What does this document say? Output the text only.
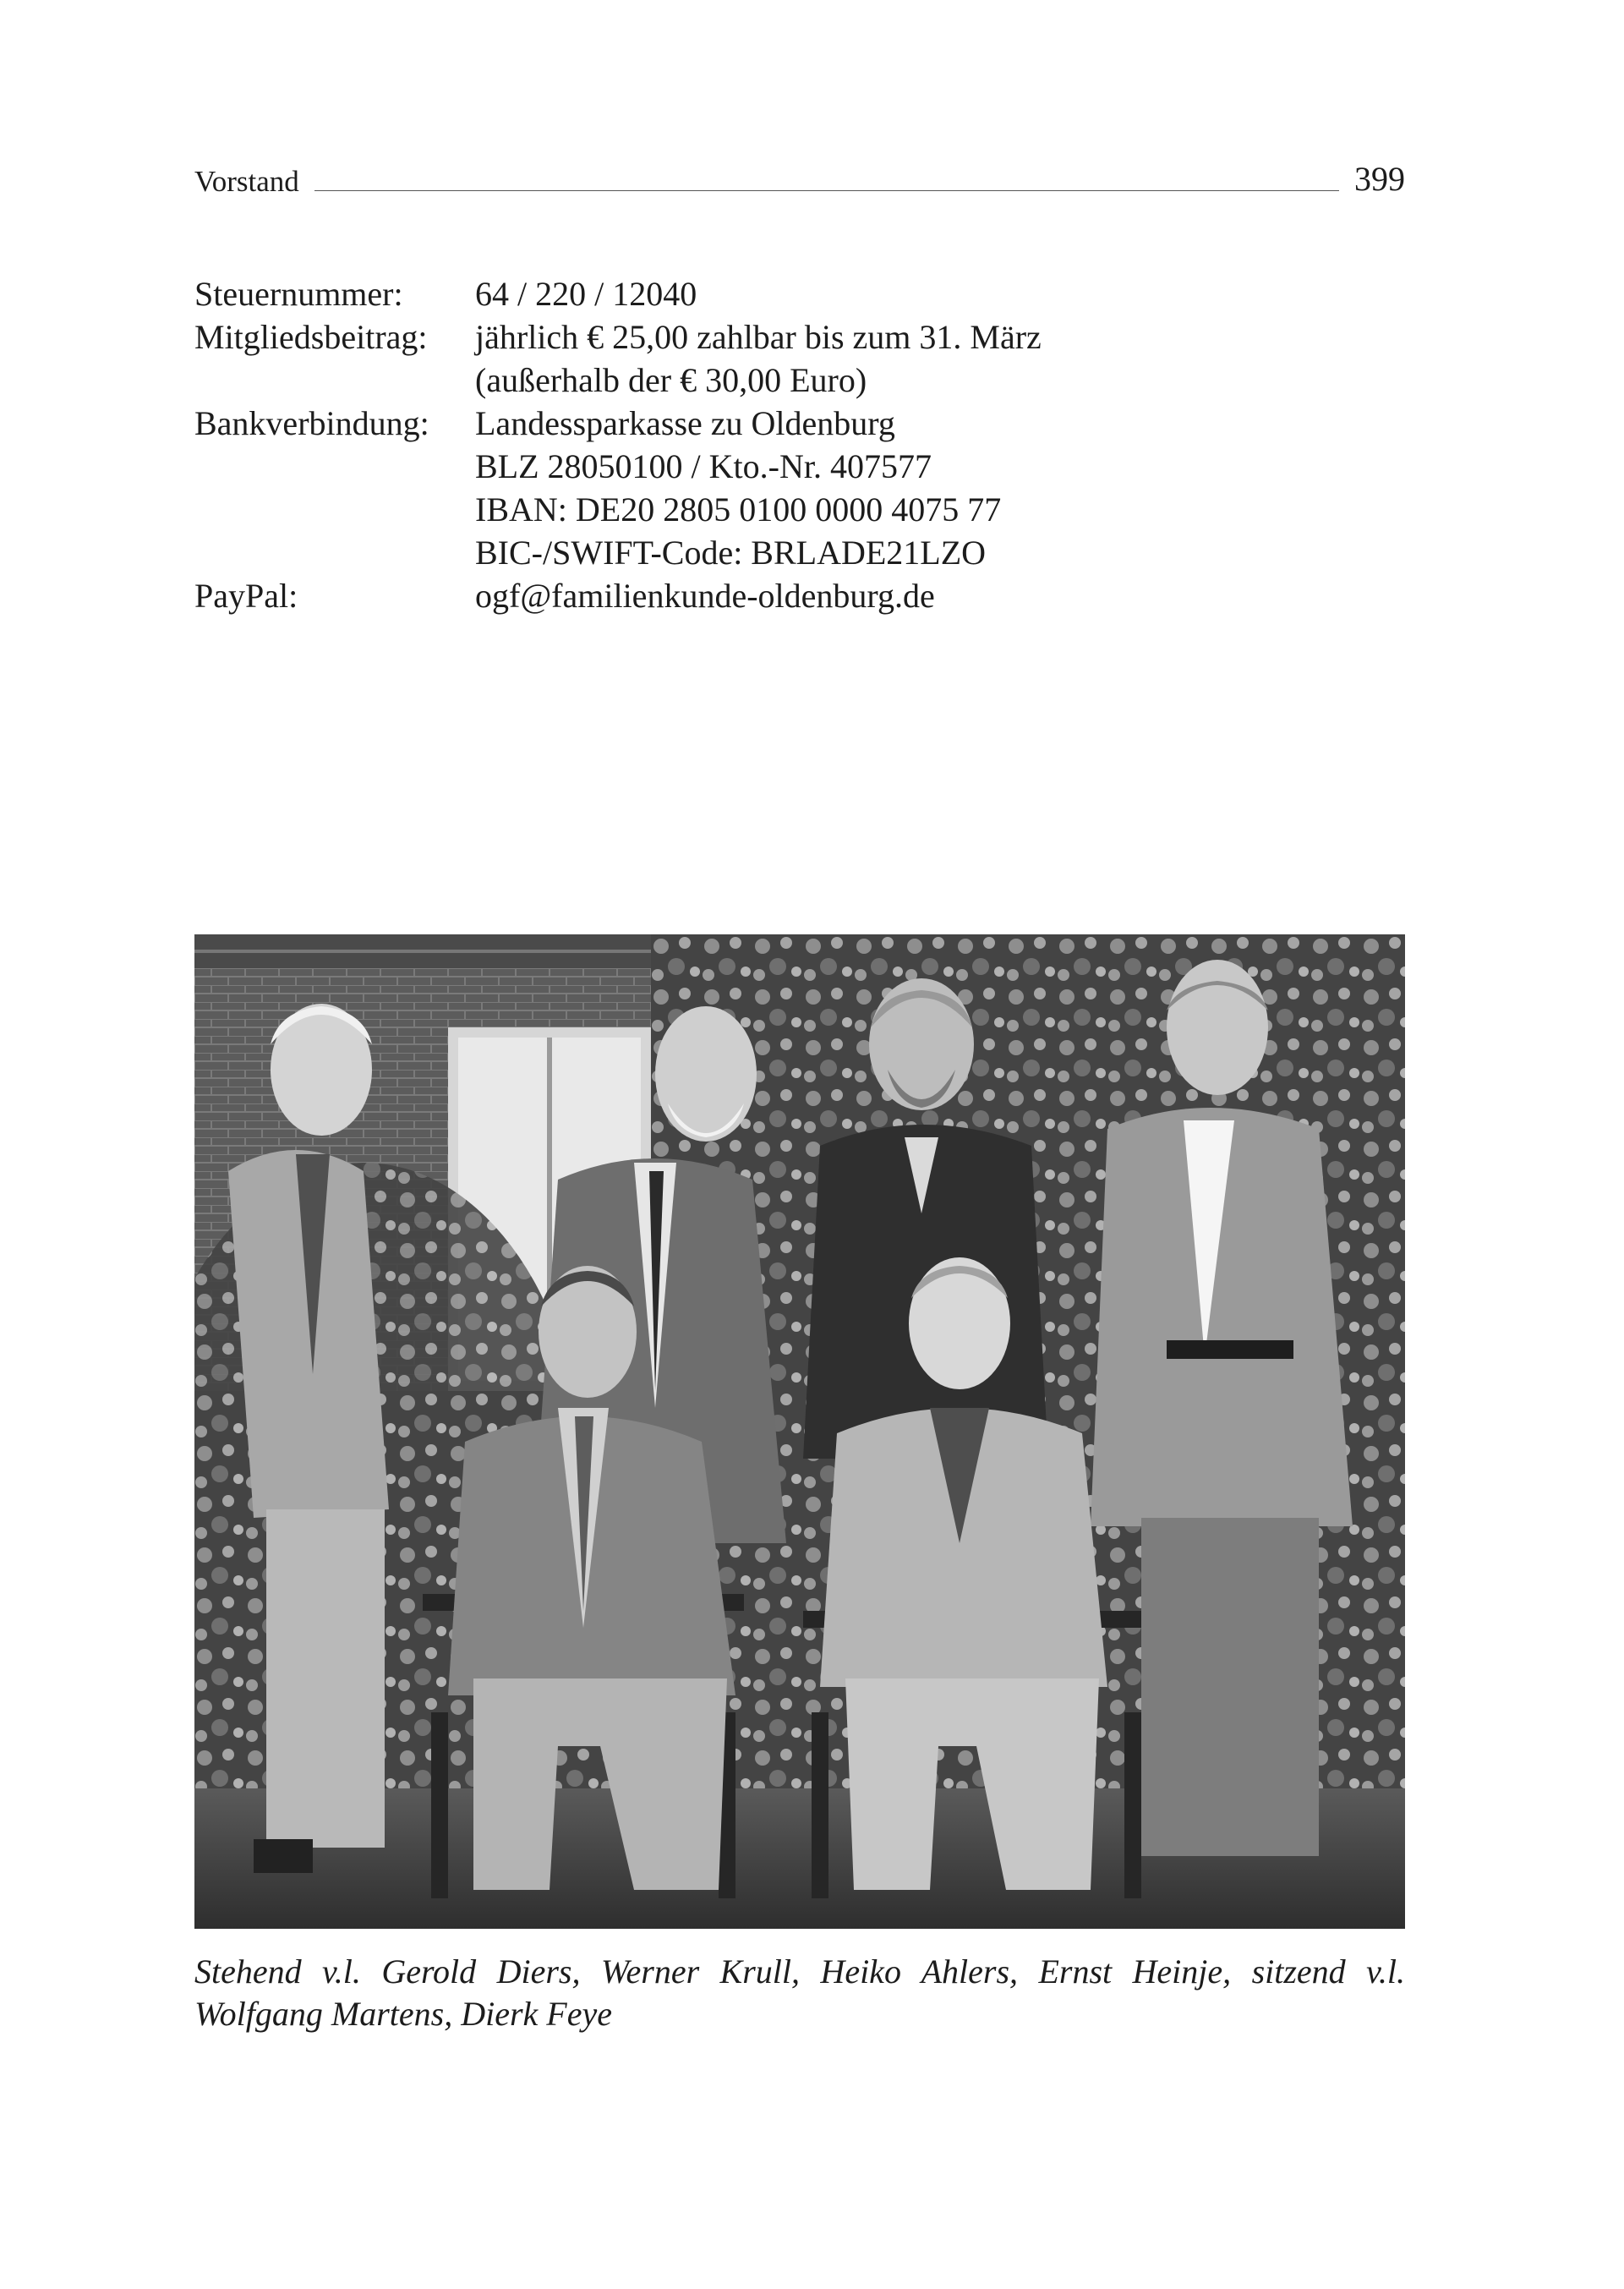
Vorstand	399
Steuernummer:	64 / 220 / 12040
Mitgliedsbeitrag:	jährlich € 25,00 zahlbar bis zum 31. März
(außerhalb der € 30,00 Euro)
Bankverbindung:	Landessparkasse zu Oldenburg
BLZ 28050100 / Kto.-Nr. 407577
IBAN: DE20 2805 0100 0000 4075 77
BIC-/SWIFT-Code: BRLADE21LZO
PayPal:	ogf@familienkunde-oldenburg.de
Stehend v.l. Gerold Diers, Werner Krull, Heiko Ahlers, Ernst Heinje, sitzend v.l. Wolfgang Martens, Dierk Feye
